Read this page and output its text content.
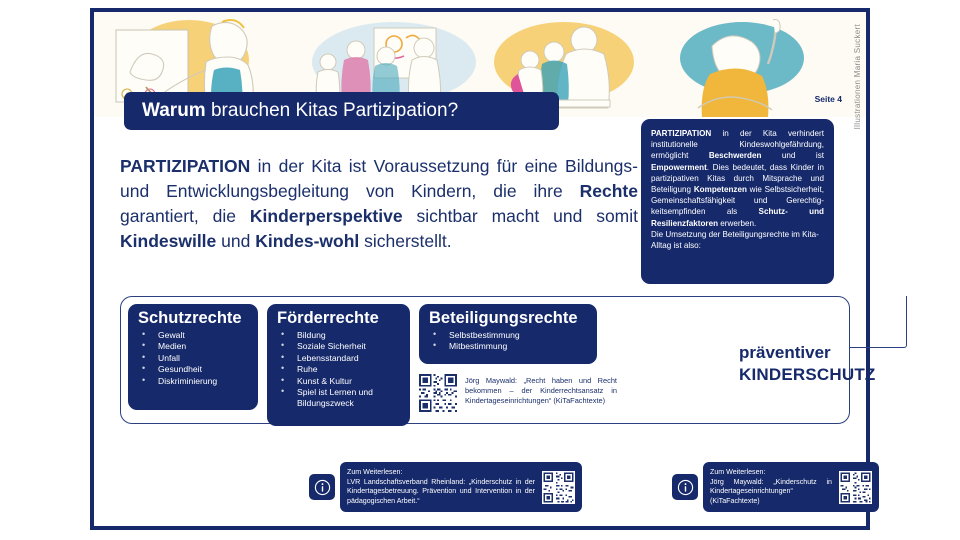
Illustrationen Maria Suckert
Seite 4
Warum brauchen Kitas Partizipation?
PARTIZIPATION in der Kita ist Voraussetzung für eine Bildungs- und Entwicklungsbegleitung von Kindern, die ihre Rechte garantiert, die Kinderperspektive sichtbar macht und somit Kindeswille und Kindes-wohl sicherstellt.
PARTIZIPATION in der Kita verhindert institutionelle Kindeswohlgefährdung, ermöglicht Beschwerden und ist Empowerment. Dies bedeutet, dass Kinder in partizipativen Kitas durch Mitsprache und Beteiligung Kompetenzen wie Selbstsicherheit, Gemeinschaftsfähigkeit und Gerechtig-keitsempfinden als Schutz- und Resilienzfaktoren erwerben.
Die Umsetzung der Beteiligungsrechte im Kita-Alltag ist also:
Schutzrechte
• Gewalt
• Medien
• Unfall
• Gesundheit
• Diskriminierung
Förderrechte
• Bildung
• Soziale Sicherheit
• Lebensstandard
• Ruhe
• Kunst & Kultur
• Spiel ist Lernen und
Bildungszweck
Beteiligungsrechte
• Selbstbestimmung
• Mitbestimmung
Jörg Maywald: „Recht haben und Recht bekommen – der Kinderrechtsansatz in Kindertageseinrichtungen“ (KiTaFachtexte)
präventiver
KINDERSCHUTZ
Zum Weiterlesen:
LVR Landschaftsverband Rheinland: „Kinderschutz in der Kindertagesbetreuung. Prävention und Intervention in der pädagogischen Arbeit.“
Zum Weiterlesen:
Jörg Maywald: „Kinderschutz in Kindertageseinrichtungen“
(KiTaFachtexte)
